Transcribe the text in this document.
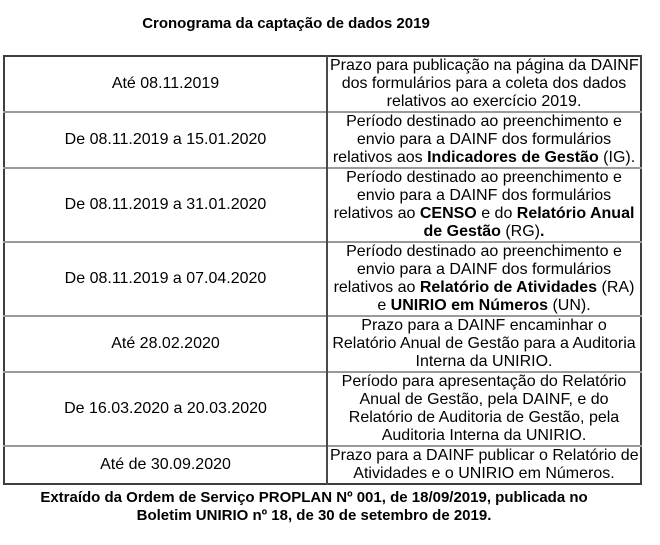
Cronograma da captação de dados 2019
Até 08.11.2019	Prazo para publicação na página da DAINF
dos formulários para a coleta dos dados
relativos ao exercício 2019.

De 08.11.2019 a 15.01.2020	Período destinado ao preenchimento e
envio para a DAINF dos formulários
relativos aos Indicadores de Gestão (IG).

De 08.11.2019 a 31.01.2020	Período destinado ao preenchimento e
envio para a DAINF dos formulários
relativos ao CENSO e do Relatório Anual
de Gestão (RG).

De 08.11.2019 a 07.04.2020	Período destinado ao preenchimento e
envio para a DAINF dos formulários
relativos ao Relatório de Atividades (RA)
e UNIRIO em Números (UN).

Até 28.02.2020	Prazo para a DAINF encaminhar o
Relatório Anual de Gestão para a Auditoria
Interna da UNIRIO.

De 16.03.2020 a 20.03.2020	Período para apresentação do Relatório
Anual de Gestão, pela DAINF, e do
Relatório de Auditoria de Gestão, pela
Auditoria Interna da UNIRIO.

Até de 30.09.2020	Prazo para a DAINF publicar o Relatório de
Atividades e o UNIRIO em Números.

Extraído da Ordem de Serviço PROPLAN Nº 001, de 18/09/2019, publicada no
Boletim UNIRIO nº 18, de 30 de setembro de 2019.
